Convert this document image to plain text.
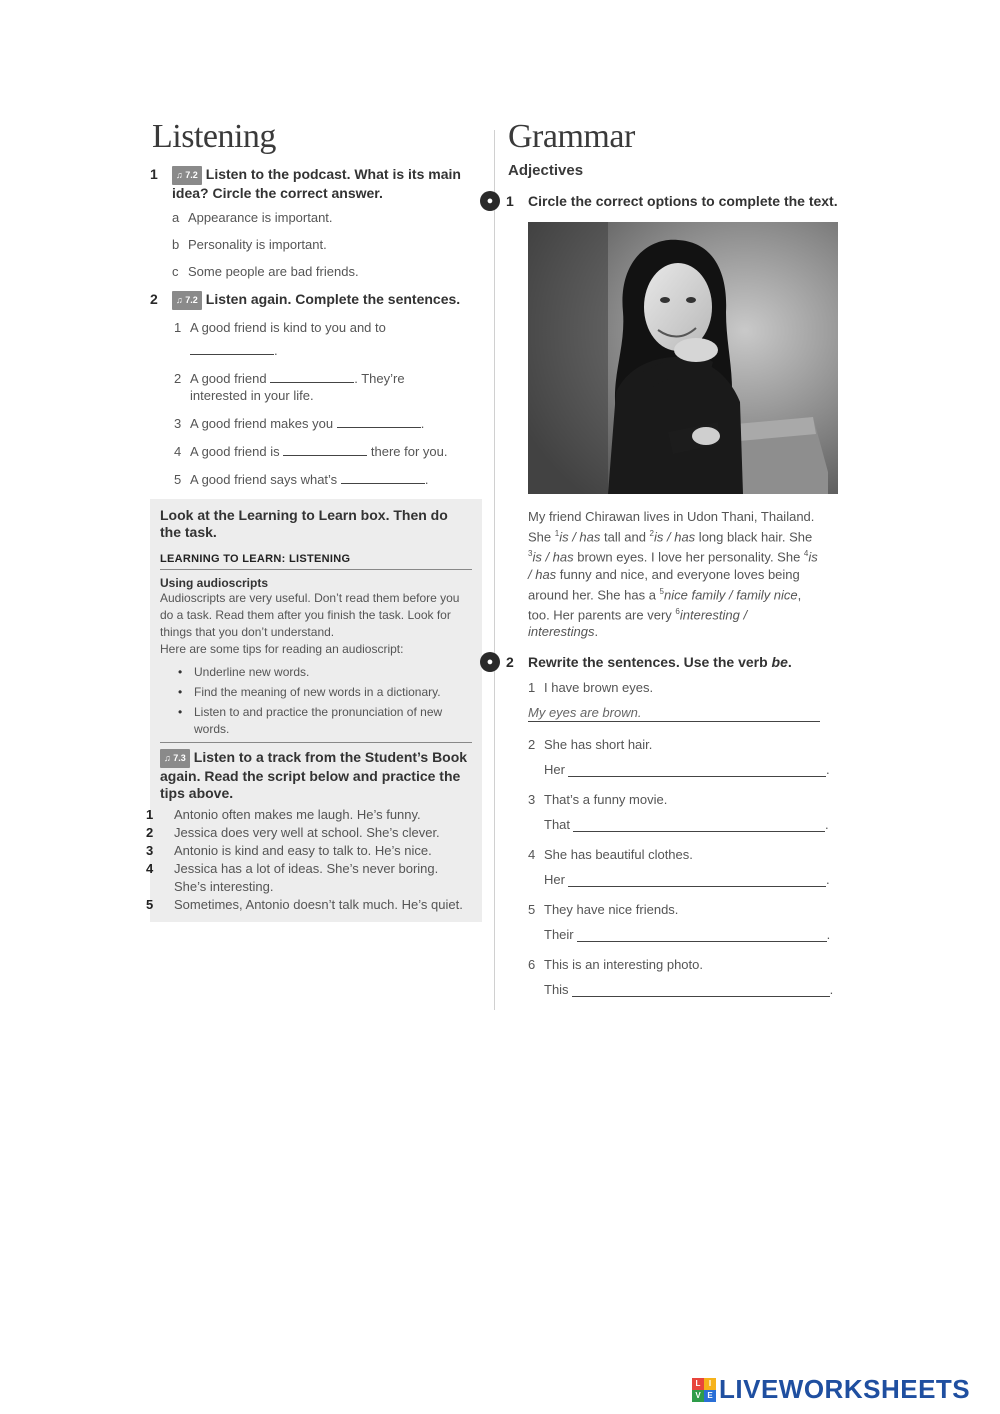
Listening
1	♫ 7.2 Listen to the podcast. What is its main idea? Circle the correct answer.
a Appearance is important.
b Personality is important.
c Some people are bad friends.
2	♫ 7.2 Listen again. Complete the sentences.
1 A good friend is kind to you and to
.
2 A good friend	. They’re
interested in your life.
3 A good friend makes you	.
4 A good friend is	there for you.
5 A good friend says what’s	.
Look at the Learning to Learn box. Then do the task.
LEARNING TO LEARN: LISTENING
Using audioscripts
Audioscripts are very useful. Don’t read them before you do a task. Read them after you finish the task. Look for things that you don’t understand.
Here are some tips for reading an audioscript:
• Underline new words.
• Find the meaning of new words in a dictionary.
• Listen to and practice the pronunciation of new words.
♫ 7.3 Listen to a track from the Student’s Book again. Read the script below and practice the tips above.
1 Antonio often makes me laugh. He’s funny.
2 Jessica does very well at school. She’s clever.
3 Antonio is kind and easy to talk to. He’s nice.
4 Jessica has a lot of ideas. She’s never boring. She’s interesting.
5 Sometimes, Antonio doesn’t talk much. He’s quiet.
Grammar
Adjectives
● 1 Circle the correct options to complete the text.
My friend Chirawan lives in Udon Thani, Thailand. She $^1$is / has tall and $^2$is / has long black hair. She $^3$is / has brown eyes. I love her personality. She $^4$is / has funny and nice, and everyone loves being around her. She has a $^5$nice family / family nice, too. Her parents are very $^6$interesting / interestings.
● 2 Rewrite the sentences. Use the verb be.
1 I have brown eyes.
My eyes are brown.
2 She has short hair.
Her	.
3 That’s a funny movie.
That	.
4 She has beautiful clothes.
Her	.
5 They have nice friends.
Their	.
6 This is an interesting photo.
This	.
L	I
V E LIVEWORKSHEETS
